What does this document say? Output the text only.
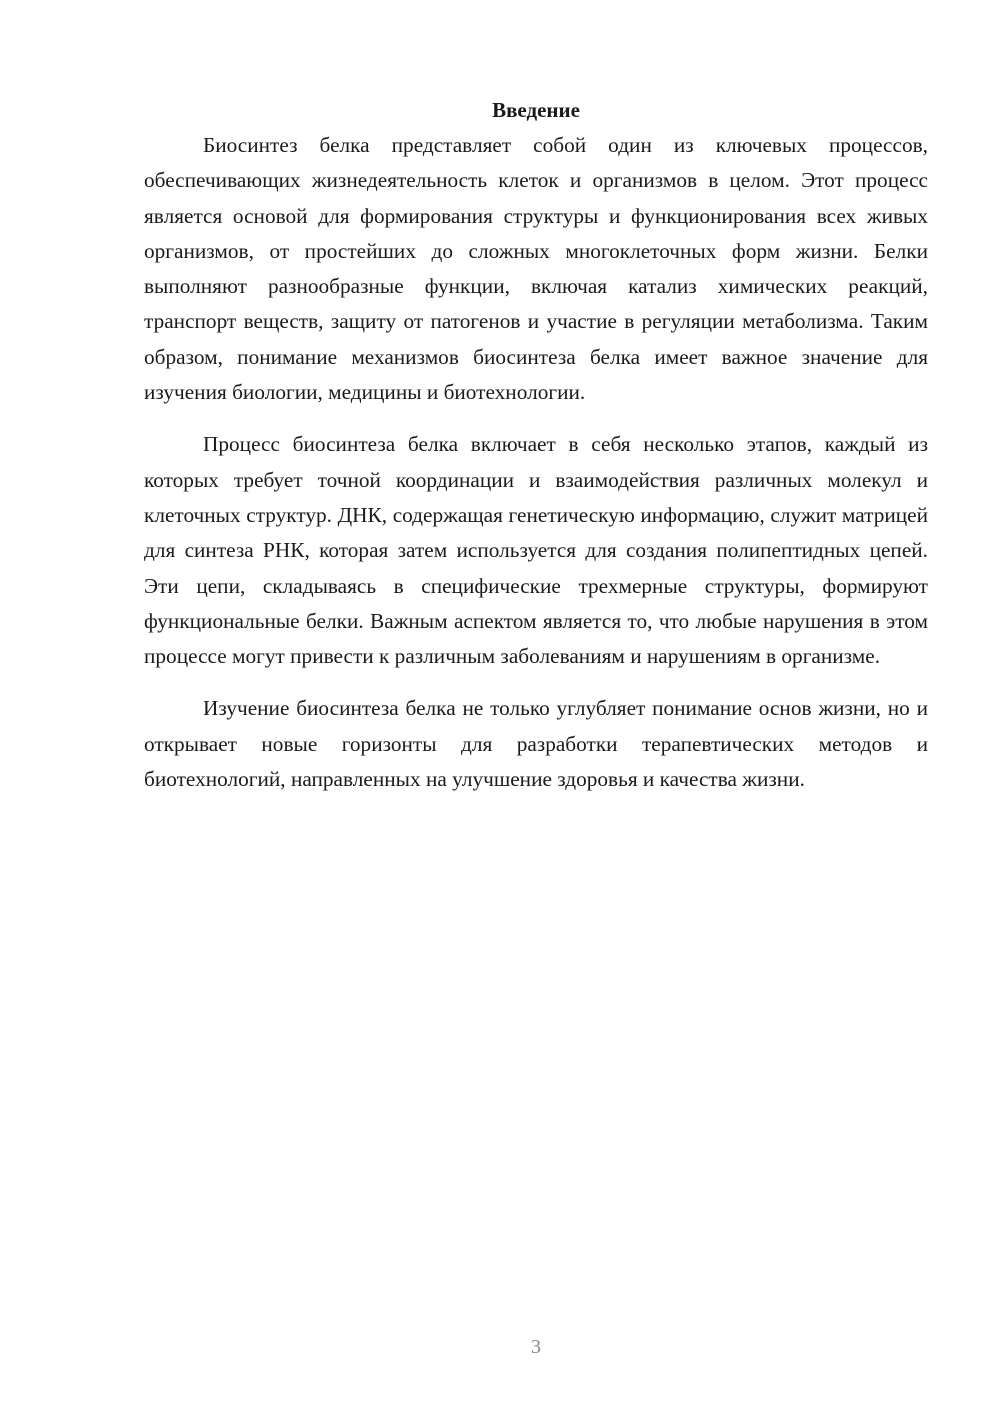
Введение

Биосинтез белка представляет собой один из ключевых процессов, обеспечивающих жизнедеятельность клеток и организмов в целом. Этот процесс является основой для формирования структуры и функционирования всех живых организмов, от простейших до сложных многоклеточных форм жизни. Белки выполняют разнообразные функции, включая катализ химических реакций, транспорт веществ, защиту от патогенов и участие в регуляции метаболизма. Таким образом, понимание механизмов биосинтеза белка имеет важное значение для изучения биологии, медицины и биотехнологии.

Процесс биосинтеза белка включает в себя несколько этапов, каждый из которых требует точной координации и взаимодействия различных молекул и клеточных структур. ДНК, содержащая генетическую информацию, служит матрицей для синтеза РНК, которая затем используется для создания полипептидных цепей. Эти цепи, складываясь в специфические трехмерные структуры, формируют функциональные белки. Важным аспектом является то, что любые нарушения в этом процессе могут привести к различным заболеваниям и нарушениям в организме.

Изучение биосинтеза белка не только углубляет понимание основ жизни, но и открывает новые горизонты для разработки терапевтических методов и биотехнологий, направленных на улучшение здоровья и качества жизни.

3
